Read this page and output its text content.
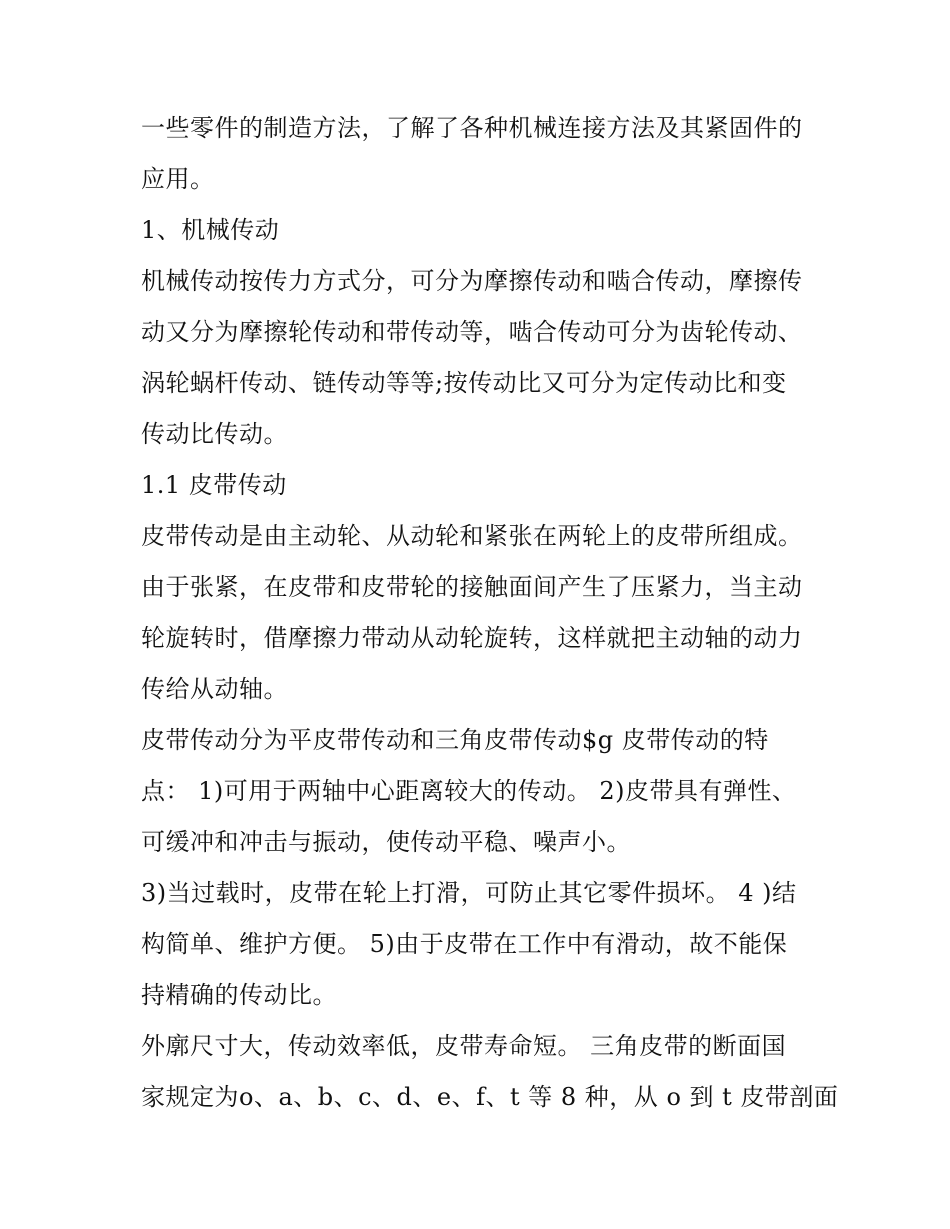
一些零件的制造方法，了解了各种机械连接方法及其紧固件的
应用。
1、机械传动
机械传动按传力方式分，可分为摩擦传动和啮合传动，摩擦传
动又分为摩擦轮传动和带传动等，啮合传动可分为齿轮传动、
涡轮蜗杆传动、链传动等等;按传动比又可分为定传动比和变
传动比传动。
1.1 皮带传动
皮带传动是由主动轮、从动轮和紧张在两轮上的皮带所组成。
由于张紧，在皮带和皮带轮的接触面间产生了压紧力，当主动
轮旋转时，借摩擦力带动从动轮旋转，这样就把主动轴的动力
传给从动轴。
皮带传动分为平皮带传动和三角皮带传动$g 皮带传动的特
点： 1)可用于两轴中心距离较大的传动。 2)皮带具有弹性、
可缓冲和冲击与振动，使传动平稳、噪声小。
3)当过载时，皮带在轮上打滑，可防止其它零件损坏。 4 )结
构简单、维护方便。 5)由于皮带在工作中有滑动，故不能保
持精确的传动比。
外廓尺寸大，传动效率低，皮带寿命短。 三角皮带的断面国
家规定为o、a、b、c、d、e、f、t 等 8 种，从 o 到 t 皮带剖面
